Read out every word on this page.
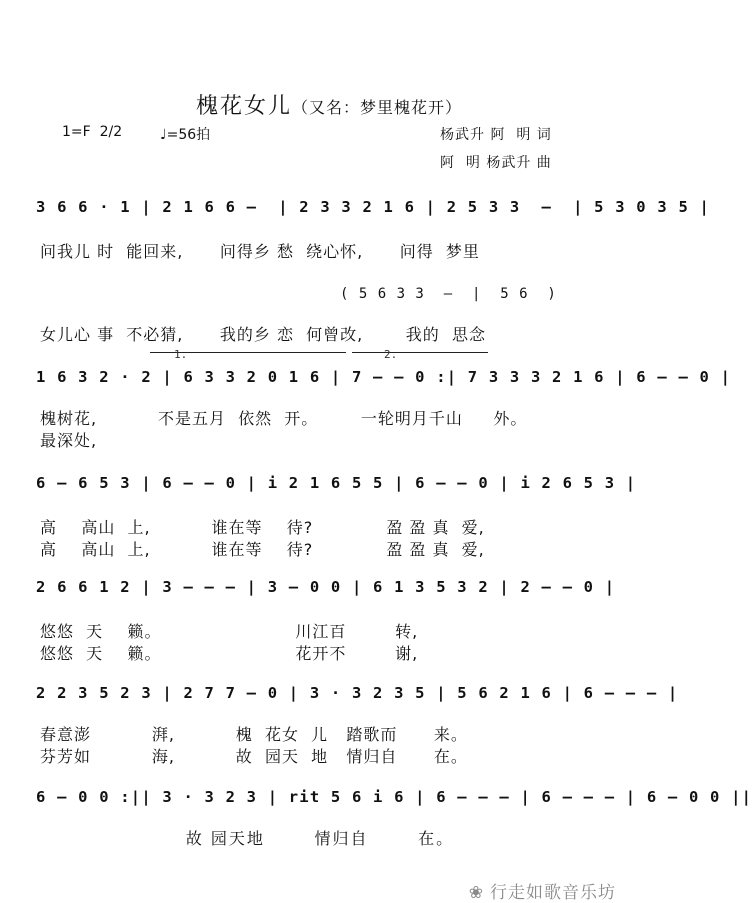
槐花女儿（又名：梦里槐花开）

1=F  2/2	♩=56拍	杨武升 阿  明 词
阿  明 杨武升 曲
3 6 6 · 1 | 2 1 6 6 –  | 2 3 3 2 1 6 | 2 5 3 3  –  | 5 3 0 3 5 |
问我儿 时  能回来,      问得乡 愁  绕心怀,      问得  梦里
( 5 6 3 3  –  |  5 6  )
女儿心 事  不必猜,      我的乡 恋  何曾改,       我的  思念
1.	2.
1 6 3 2 · 2 | 6 3 3 2 0 1 6 | 7 – – 0 :| 7 3 3 3 2 1 6 | 6 – – 0 |
槐树花,          不是五月  依然  开。       一轮明月千山     外。
最深处,
6 – 6 5 3 | 6 – – 0 | i 2 1 6 5 5 | 6 – – 0 | i 2 6 5 3 |
高    高山  上,          谁在等    待?            盈 盈 真  爱,
高    高山  上,          谁在等    待?            盈 盈 真  爱,
2 6 6 1 2 | 3 – – – | 3 – 0 0 | 6 1 3 5 3 2 | 2 – – 0 |
悠悠  天    籁。                      川江百        转,
悠悠  天    籁。                      花开不        谢,
2 2 3 5 2 3 | 2 7 7 – 0 | 3 · 3 2 3 5 | 5 6 2 1 6 | 6 – – – |
春意澎          湃,          槐  花女  儿   踏歌而      来。
芬芳如          海,          故  园天  地   情归自      在。
6 – 0 0 :|| 3 · 3 2 3 | rit 5 6 i 6 | 6 – – – | 6 – – – | 6 – 0 0 ||
故 园天地       情归自       在。

❀ 行走如歌音乐坊
